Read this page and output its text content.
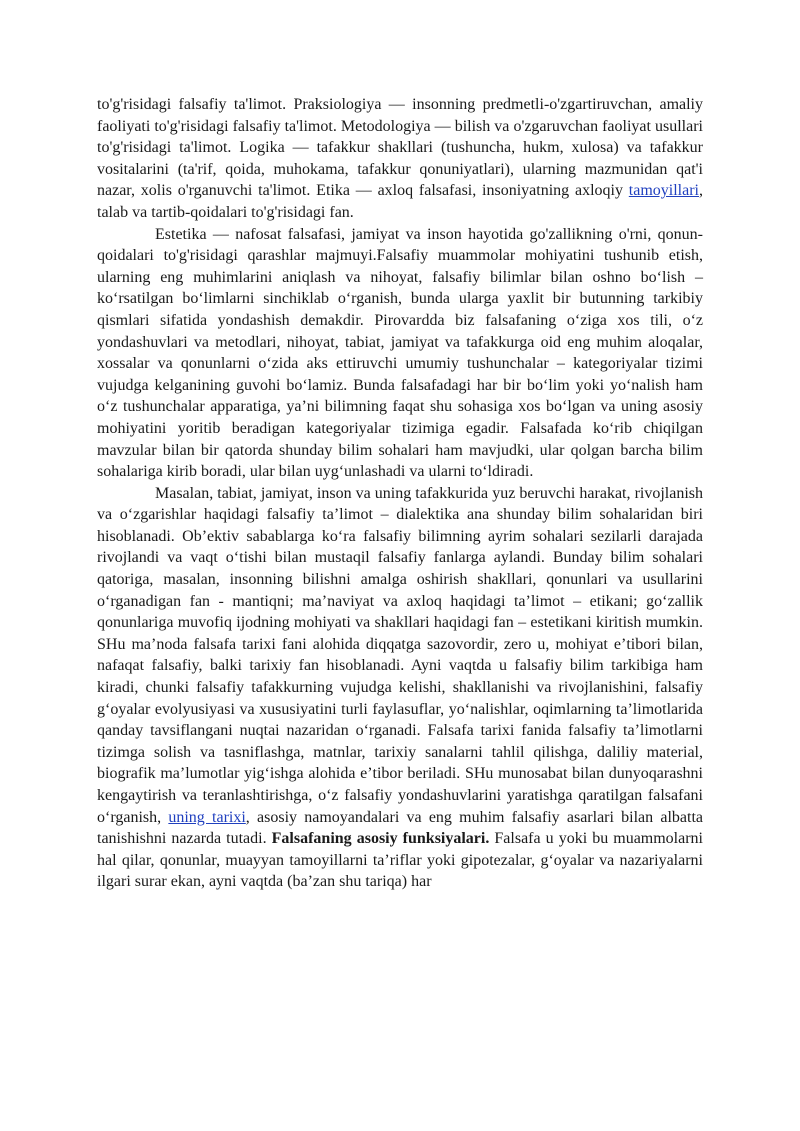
to'g'risidagi falsafiy ta'limot. Praksiologiya — insonning predmetli-o'zgartiruvchan, amaliy faoliyati to'g'risidagi falsafiy ta'limot. Metodologiya — bilish va o'zgaruvchan faoliyat usullari to'g'risidagi ta'limot. Logika — tafakkur shakllari (tushuncha, hukm, xulosa) va tafakkur vositalarini (ta'rif, qoida, muhokama, tafakkur qonuniyatlari), ularning mazmunidan qat'i nazar, xolis o'rganuvchi ta'limot. Etika — axloq falsafasi, insoniyatning axloqiy tamoyillari, talab va tartib-qoidalari to'g'risidagi fan.

Estetika — nafosat falsafasi, jamiyat va inson hayotida go'zallikning o'rni, qonun-qoidalari to'g'risidagi qarashlar majmuyi.Falsafiy muammolar mohiyatini tushunib etish, ularning eng muhimlarini aniqlash va nihoyat, falsafiy bilimlar bilan oshno boʻlish – koʻrsatilgan boʻlimlarni sinchiklab oʻrganish, bunda ularga yaxlit bir butunning tarkibiy qismlari sifatida yondashish demakdir. Pirovardda biz falsafaning oʻziga xos tili, oʻz yondashuvlari va metodlari, nihoyat, tabiat, jamiyat va tafakkurga oid eng muhim aloqalar, xossalar va qonunlarni oʻzida aks ettiruvchi umumiy tushunchalar – kategoriyalar tizimi vujudga kelganining guvohi boʻlamiz. Bunda falsafadagi har bir boʻlim yoki yoʻnalish ham oʻz tushunchalar apparatiga, yaʼni bilimning faqat shu sohasiga xos boʻlgan va uning asosiy mohiyatini yoritib beradigan kategoriyalar tizimiga egadir. Falsafada koʻrib chiqilgan mavzular bilan bir qatorda shunday bilim sohalari ham mavjudki, ular qolgan barcha bilim sohalariga kirib boradi, ular bilan uygʻunlashadi va ularni toʻldiradi.

Masalan, tabiat, jamiyat, inson va uning tafakkurida yuz beruvchi harakat, rivojlanish va oʻzgarishlar haqidagi falsafiy taʼlimot – dialektika ana shunday bilim sohalaridan biri hisoblanadi. Obʼektiv sabablarga koʻra falsafiy bilimning ayrim sohalari sezilarli darajada rivojlandi va vaqt oʻtishi bilan mustaqil falsafiy fanlarga aylandi. Bunday bilim sohalari qatoriga, masalan, insonning bilishni amalga oshirish shakllari, qonunlari va usullarini oʻrganadigan fan - mantiqni; maʼnaviyat va axloq haqidagi taʼlimot – etikani; goʻzallik qonunlariga muvofiq ijodning mohiyati va shakllari haqidagi fan – estetikani kiritish mumkin. SHu maʼnoda falsafa tarixi fani alohida diqqatga sazovordir, zero u, mohiyat eʼtibori bilan, nafaqat falsafiy, balki tarixiy fan hisoblanadi. Ayni vaqtda u falsafiy bilim tarkibiga ham kiradi, chunki falsafiy tafakkurning vujudga kelishi, shakllanishi va rivojlanishini, falsafiy gʻoyalar evolyusiyasi va xususiyatini turli faylasuflar, yoʻnalishlar, oqimlarning taʼlimotlarida qanday tavsiflangani nuqtai nazaridan oʻrganadi. Falsafa tarixi fanida falsafiy taʼlimotlarni tizimga solish va tasniflashga, matnlar, tarixiy sanalarni tahlil qilishga, daliliy material, biografik maʼlumotlar yigʻishga alohida eʼtibor beriladi. SHu munosabat bilan dunyoqarashni kengaytirish va teranlashtirishga, oʻz falsafiy yondashuvlarini yaratishga qaratilgan falsafani oʻrganish, uning tarixi, asosiy namoyandalari va eng muhim falsafiy asarlari bilan albatta tanishishni nazarda tutadi. Falsafaning asosiy funksiyalari. Falsafa u yoki bu muammolarni hal qilar, qonunlar, muayyan tamoyillarni taʼriflar yoki gipotezalar, gʻoyalar va nazariyalarni ilgari surar ekan, ayni vaqtda (baʼzan shu tariqa) har
